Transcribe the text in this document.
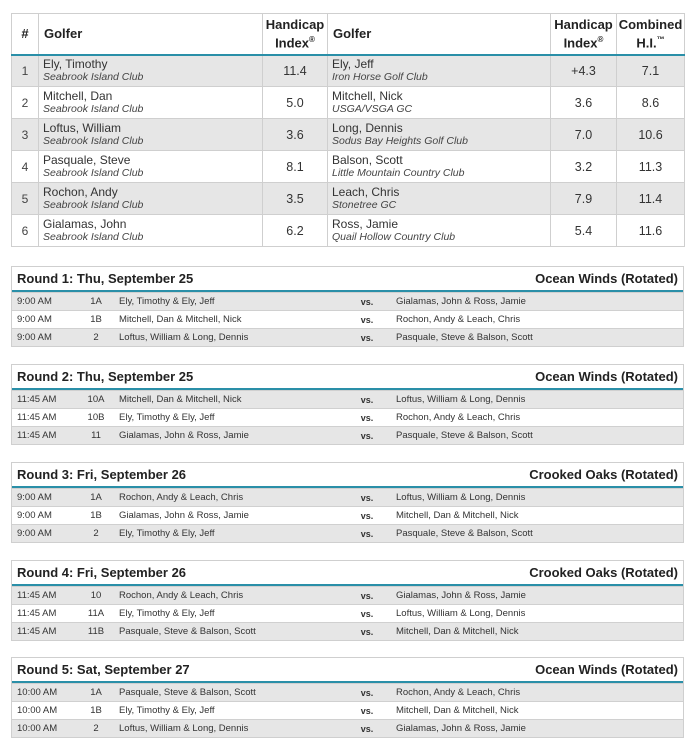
#	Golfer	Handicap
Index®	Golfer	Handicap
Index®	Combined
H.I.™
1	Ely, Timothy
Seabrook Island Club	11.4	Ely, Jeff
Iron Horse Golf Club	+4.3	7.1
2	Mitchell, Dan
Seabrook Island Club	5.0	Mitchell, Nick
USGA/VSGA GC	3.6	8.6
3	Loftus, William
Seabrook Island Club	3.6	Long, Dennis
Sodus Bay Heights Golf Club	7.0	10.6
4	Pasquale, Steve
Seabrook Island Club	8.1	Balson, Scott
Little Mountain Country Club	3.2	11.3
5	Rochon, Andy
Seabrook Island Club	3.5	Leach, Chris
Stonetree GC	7.9	11.4
6	Gialamas, John
Seabrook Island Club	6.2	Ross, Jamie
Quail Hollow Country Club	5.4	11.6
Round 1: Thu, September 25	Ocean Winds (Rotated)
9:00 AM	1A	Ely, Timothy & Ely, Jeff	vs.	Gialamas, John & Ross, Jamie
9:00 AM	1B	Mitchell, Dan & Mitchell, Nick	vs.	Rochon, Andy & Leach, Chris
9:00 AM	2	Loftus, William & Long, Dennis	vs.	Pasquale, Steve & Balson, Scott
Round 2: Thu, September 25	Ocean Winds (Rotated)
11:45 AM	10A	Mitchell, Dan & Mitchell, Nick	vs.	Loftus, William & Long, Dennis
11:45 AM	10B	Ely, Timothy & Ely, Jeff	vs.	Rochon, Andy & Leach, Chris
11:45 AM	11	Gialamas, John & Ross, Jamie	vs.	Pasquale, Steve & Balson, Scott
Round 3: Fri, September 26	Crooked Oaks (Rotated)
9:00 AM	1A	Rochon, Andy & Leach, Chris	vs.	Loftus, William & Long, Dennis
9:00 AM	1B	Gialamas, John & Ross, Jamie	vs.	Mitchell, Dan & Mitchell, Nick
9:00 AM	2	Ely, Timothy & Ely, Jeff	vs.	Pasquale, Steve & Balson, Scott
Round 4: Fri, September 26	Crooked Oaks (Rotated)
11:45 AM	10	Rochon, Andy & Leach, Chris	vs.	Gialamas, John & Ross, Jamie
11:45 AM	11A	Ely, Timothy & Ely, Jeff	vs.	Loftus, William & Long, Dennis
11:45 AM	11B	Pasquale, Steve & Balson, Scott	vs.	Mitchell, Dan & Mitchell, Nick
Round 5: Sat, September 27	Ocean Winds (Rotated)
10:00 AM	1A	Pasquale, Steve & Balson, Scott	vs.	Rochon, Andy & Leach, Chris
10:00 AM	1B	Ely, Timothy & Ely, Jeff	vs.	Mitchell, Dan & Mitchell, Nick
10:00 AM	2	Loftus, William & Long, Dennis	vs.	Gialamas, John & Ross, Jamie
